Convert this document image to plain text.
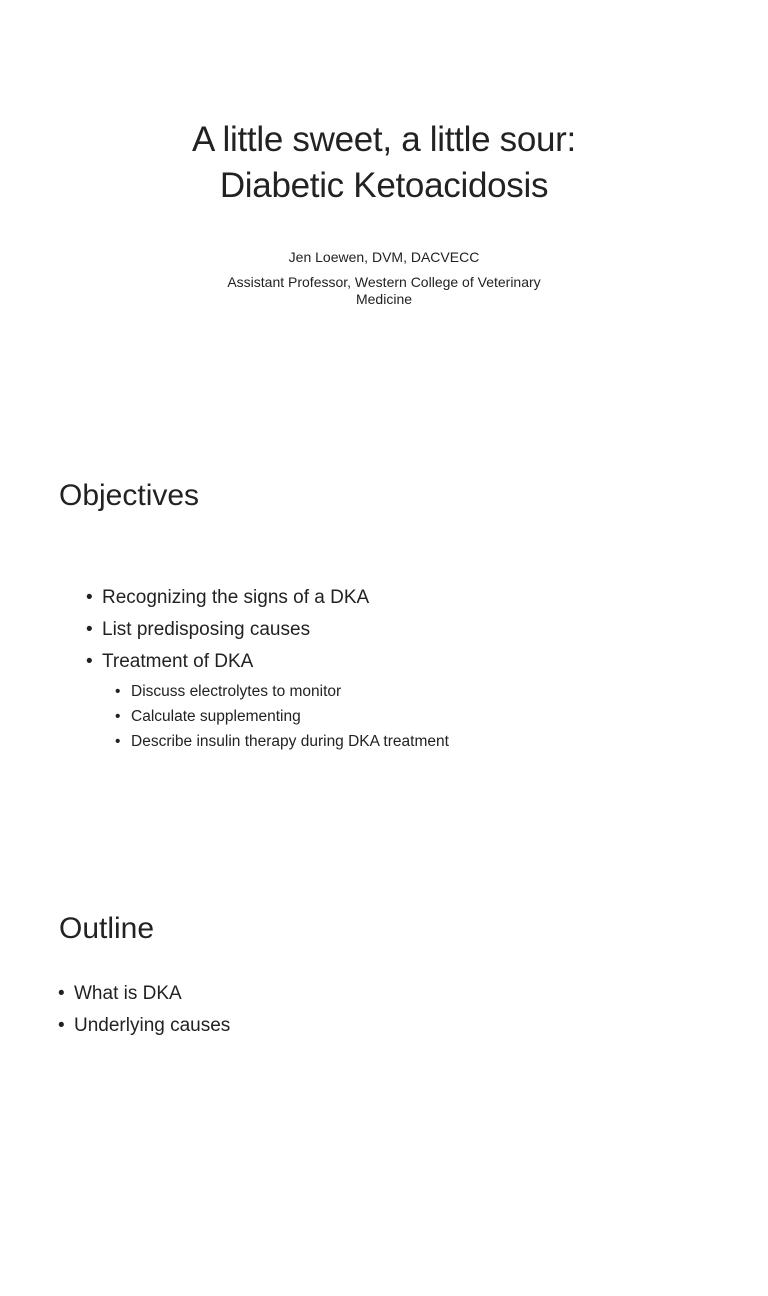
A little sweet, a little sour:
Diabetic Ketoacidosis
Jen Loewen, DVM, DACVECC
Assistant Professor, Western College of Veterinary
Medicine
Objectives
• Recognizing the signs of a DKA
• List predisposing causes
• Treatment of DKA
• Discuss electrolytes to monitor
• Calculate supplementing
• Describe insulin therapy during DKA treatment
Outline
• What is DKA
• Underlying causes
